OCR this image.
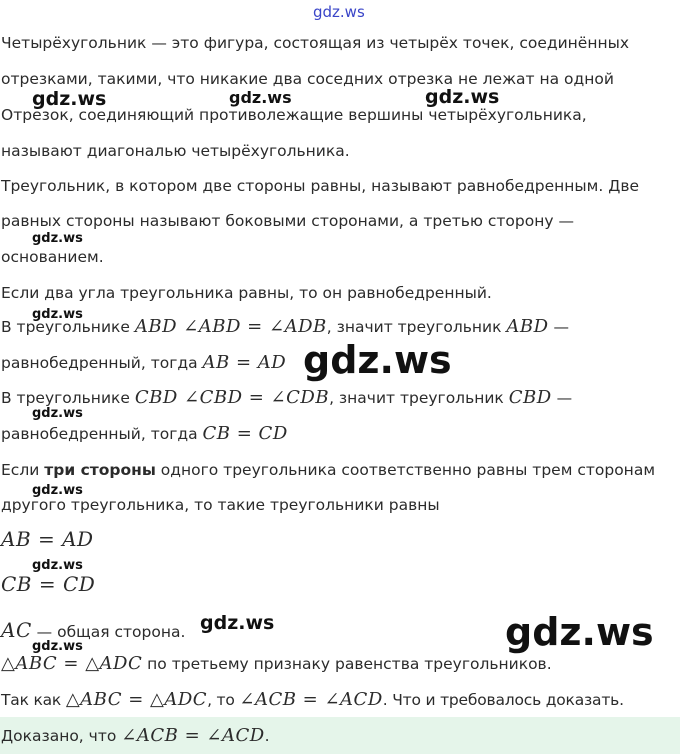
Четырёхугольник — это фигура, состоящая из четырёх точек, соединённых
отрезками, такими, что никакие два соседних отрезка не лежат на одной
Отрезок, соединяющий противолежащие вершины четырёхугольника,
называют диагональю четырёхугольника.
Треугольник, в котором две стороны равны, называют равнобедренным. Две
равных стороны называют боковыми сторонами, а третью сторону —
основанием.
Если два угла треугольника равны, то он равнобедренный.
В треугольнике ABD ∠ABD = ∠ADB, значит треугольник ABD —
равнобедренный, тогда AB = AD
В треугольнике CBD ∠CBD = ∠CDB, значит треугольник CBD —
равнобедренный, тогда CB = CD
Если три стороны одного треугольника соответственно равны трем сторонам
другого треугольника, то такие треугольники равны
AB = AD
CB = CD
AC — общая сторона.
△ABC = △ADC по третьему признаку равенства треугольников.
Так как △ABC = △ADC, то ∠ACB = ∠ACD. Что и требовалось доказать.
Доказано, что ∠ACB = ∠ACD.
gdz.ws
gdz.ws	gdz.ws	gdz.ws
gdz.ws
gdz.ws
gdz.ws
gdz.ws
gdz.ws
gdz.ws
gdz.ws
gdz.ws	gdz.ws
